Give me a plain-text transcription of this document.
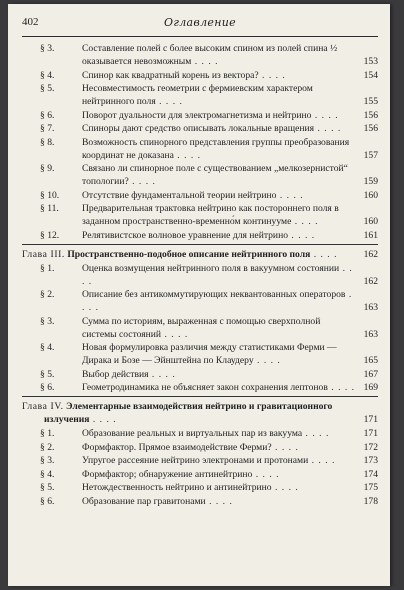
402	Оглавление
§ 3.	Составление полей с более высоким спином из полей спина ½ оказывается невозможным . . . .	153
§ 4.	Спинор как квадратный корень из вектора? . . . .	154
§ 5.	Несовместимость геометрии с фермиевским характером нейтринного поля . . . .	155
§ 6.	Поворот дуальности для электромагнетизма и нейтрино . . . .	156
§ 7.	Спиноры дают средство описывать локальные вращения . . . .	156
§ 8.	Возможность спинорного представления группы преобразования координат не доказана . . . .	157
§ 9.	Связано ли спинорное поле с существованием „мелкозернистой“ топологии? . . . .	159
§ 10.	Отсутствие фундаментальной теории нейтрино . . . .	160
§ 11.	Предварительная трактовка нейтрино как постороннего поля в заданном пространственно-временно́м континууме . . . .	160
§ 12.	Релятивистское волновое уравнение для нейтрино . . . .	161
Глава III. Пространственно-подобное описание нейтринного поля . . . .	162
§ 1.	Оценка возмущения нейтринного поля в вакуумном состоянии . . . .	162
§ 2.	Описание без антикоммутирующих неквантованных операторов . . . .	163
§ 3.	Сумма по историям, выраженная с помощью сверхполной системы состояний . . . .	163
§ 4.	Новая формулировка различия между статистиками Ферми — Дирака и Бозе — Эйнштейна по Клаудеру . . . .	165
§ 5.	Выбор действия . . . .	167
§ 6.	Геометродинамика не объясняет закон сохранения лептонов . . . . 169
Глава IV. Элементарные взаимодействия нейтрино и гравитационного излучения . . . .	171
§ 1.	Образование реальных и виртуальных пар из вакуума . . . .	171
§ 2.	Формфактор. Прямое взаимодействие Ферми? . . . .	172
§ 3.	Упругое рассеяние нейтрино электронами и протонами . . . .	173
§ 4.	Формфактор; обнаружение антинейтрино . . . .	174
§ 5.	Нетождественность нейтрино и антинейтрино . . . .	175
§ 6.	Образование пар гравитонами . . . .	178
